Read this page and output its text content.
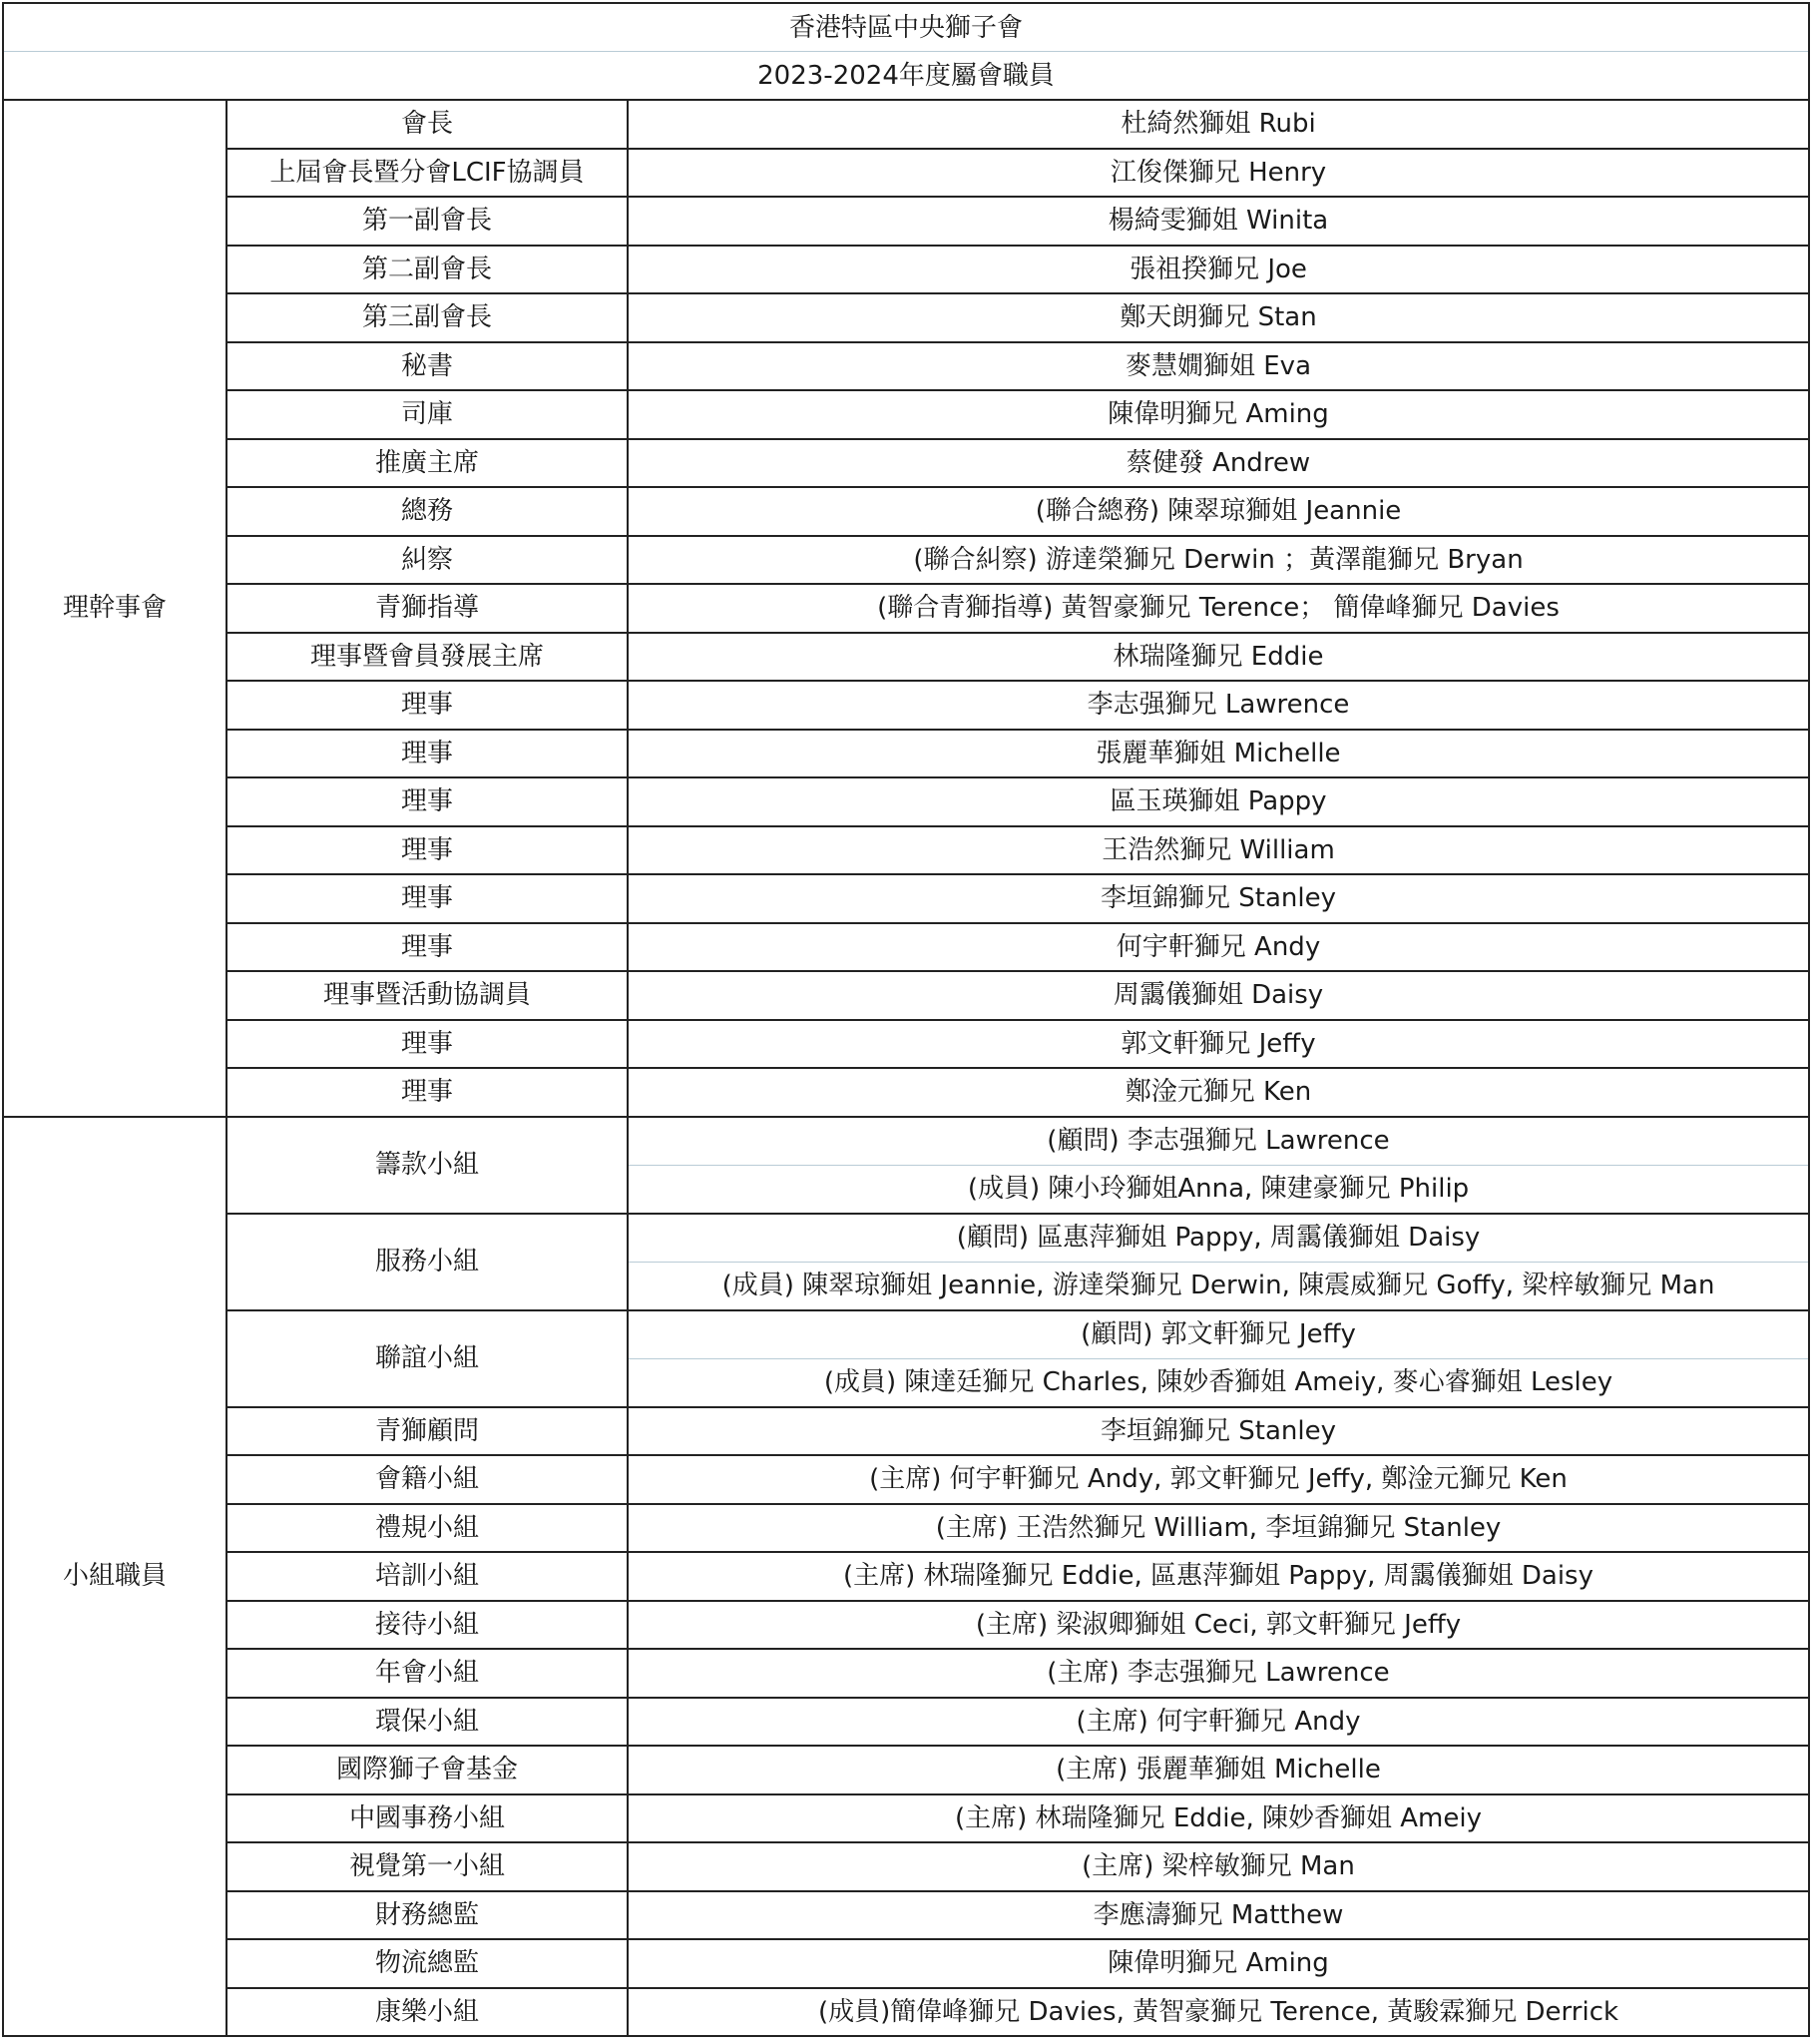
香港特區中央獅子會		
2023-2024年度屬會職員		
理幹事會	會長	杜綺然獅姐 Rubi
	上屆會長暨分會LCIF協調員	江俊傑獅兄 Henry
	第一副會長	楊綺雯獅姐 Winita
	第二副會長	張祖揆獅兄 Joe
	第三副會長	鄭天朗獅兄 Stan
	秘書	麥慧嫺獅姐 Eva
	司庫	陳偉明獅兄 Aming
	推廣主席	蔡健發 Andrew
	總務	(聯合總務) 陳翠琼獅姐 Jeannie
	糾察	(聯合糾察) 游達榮獅兄 Derwin ；黃澤龍獅兄 Bryan
	青獅指導	(聯合青獅指導) 黃智豪獅兄 Terence； 簡偉峰獅兄 Davies
	理事暨會員發展主席	林瑞隆獅兄 Eddie
	理事	李志强獅兄 Lawrence
	理事	張麗華獅姐 Michelle
	理事	區玉瑛獅姐 Pappy
	理事	王浩然獅兄 William
	理事	李垣錦獅兄 Stanley
	理事	何宇軒獅兄 Andy
	理事暨活動協調員	周靄儀獅姐 Daisy
	理事	郭文軒獅兄 Jeffy
	理事	鄭淦元獅兄 Ken
小組職員	籌款小組	(顧問) 李志强獅兄 Lawrence
		(成員) 陳小玲獅姐Anna, 陳建豪獅兄 Philip
	服務小組	(顧問) 區惠萍獅姐 Pappy, 周靄儀獅姐 Daisy
		(成員) 陳翠琼獅姐 Jeannie, 游達榮獅兄 Derwin, 陳震威獅兄 Goffy, 梁梓敏獅兄 Man
	聯誼小組	(顧問) 郭文軒獅兄 Jeffy
		(成員) 陳達廷獅兄 Charles, 陳妙香獅姐 Ameiy, 麥心睿獅姐 Lesley
	青獅顧問	李垣錦獅兄 Stanley
	會籍小組	(主席) 何宇軒獅兄 Andy, 郭文軒獅兄 Jeffy, 鄭淦元獅兄 Ken
	禮規小組	(主席) 王浩然獅兄 William, 李垣錦獅兄 Stanley
	培訓小組	(主席) 林瑞隆獅兄 Eddie, 區惠萍獅姐 Pappy, 周靄儀獅姐 Daisy
	接待小組	(主席) 梁淑卿獅姐 Ceci, 郭文軒獅兄 Jeffy
	年會小組	(主席) 李志强獅兄 Lawrence
	環保小組	(主席) 何宇軒獅兄 Andy
	國際獅子會基金	(主席) 張麗華獅姐 Michelle
	中國事務小組	(主席) 林瑞隆獅兄 Eddie, 陳妙香獅姐 Ameiy
	視覺第一小組	(主席) 梁梓敏獅兄 Man
	財務總監	李應濤獅兄 Matthew
	物流總監	陳偉明獅兄 Aming
	康樂小組	(成員)簡偉峰獅兄 Davies, 黃智豪獅兄 Terence, 黃駿霖獅兄 Derrick
